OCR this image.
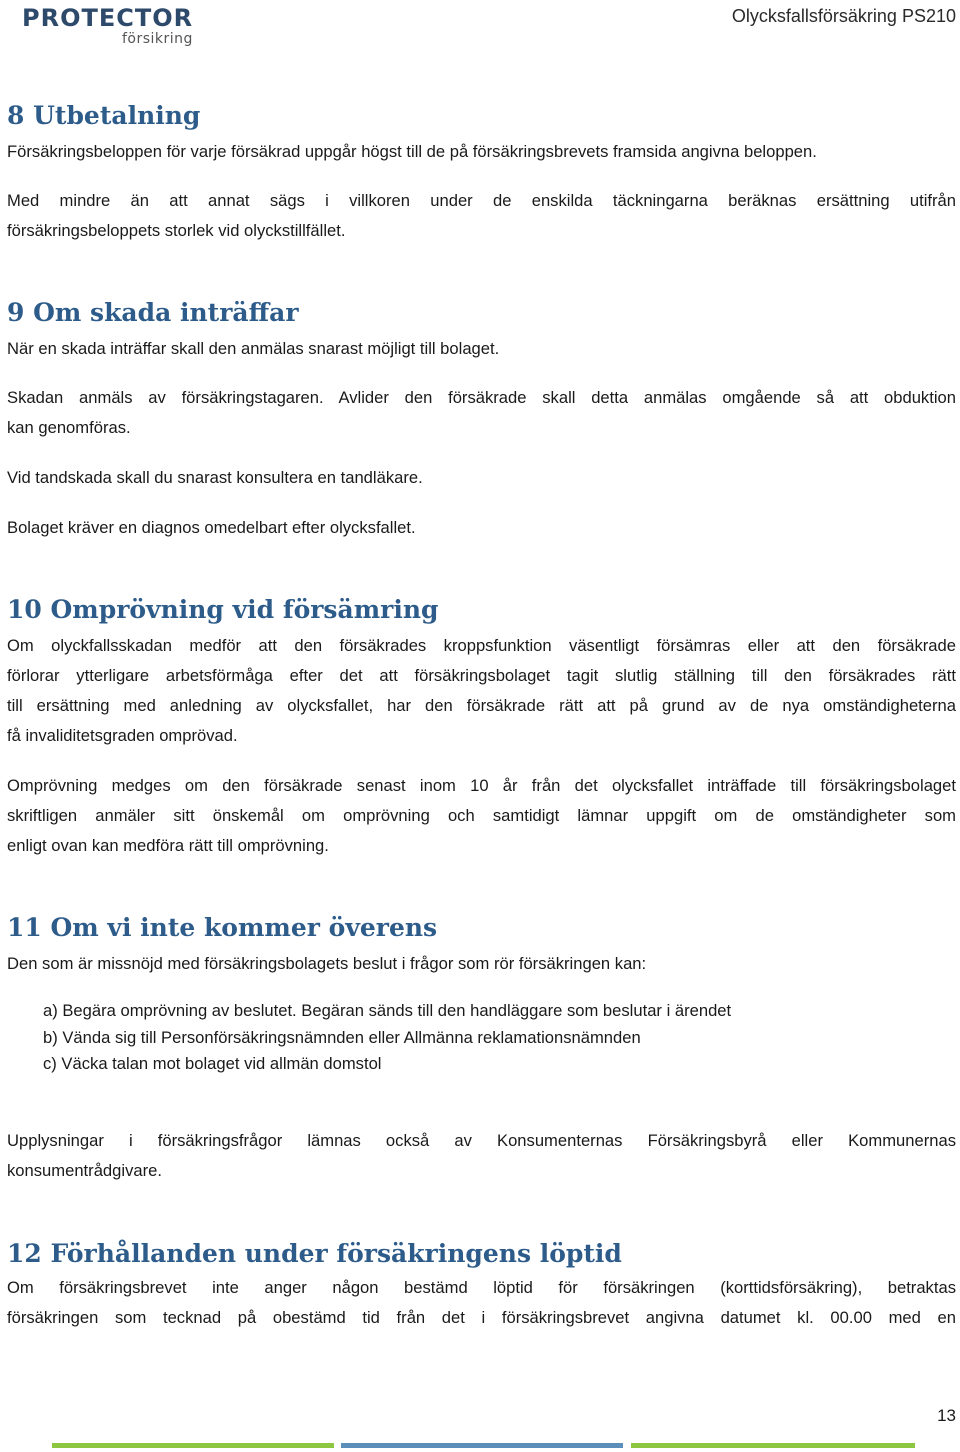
PROTECTOR
försikring
Olycksfallsförsäkring PS210
8 Utbetalning

Försäkringsbeloppen för varje försäkrad uppgår högst till de på försäkringsbrevets framsida angivna beloppen.

Med mindre än att annat sägs i villkoren under de enskilda täckningarna beräknas ersättning utifrån

försäkringsbeloppets storlek vid olyckstillfället.

9 Om skada inträffar

När en skada inträffar skall den anmälas snarast möjligt till bolaget.

Skadan anmäls av försäkringstagaren. Avlider den försäkrade skall detta anmälas omgående så att obduktion

kan genomföras.

Vid tandskada skall du snarast konsultera en tandläkare.

Bolaget kräver en diagnos omedelbart efter olycksfallet.

10 Omprövning vid försämring

Om olyckfallsskadan medför att den försäkrades kroppsfunktion väsentligt försämras eller att den försäkrade

förlorar ytterligare arbetsförmåga efter det att försäkringsbolaget tagit slutlig ställning till den försäkrades rätt

till ersättning med anledning av olycksfallet, har den försäkrade rätt att på grund av de nya omständigheterna

få invaliditetsgraden omprövad.

Omprövning medges om den försäkrade senast inom 10 år från det olycksfallet inträffade till försäkringsbolaget

skriftligen anmäler sitt önskemål om omprövning och samtidigt lämnar uppgift om de omständigheter som

enligt ovan kan medföra rätt till omprövning.

11 Om vi inte kommer överens

Den som är missnöjd med försäkringsbolagets beslut i frågor som rör försäkringen kan:

a) Begära omprövning av beslutet. Begäran sänds till den handläggare som beslutar i ärendet
b) Vända sig till Personförsäkringsnämnden eller Allmänna reklamationsnämnden
c) Väcka talan mot bolaget vid allmän domstol

Upplysningar i försäkringsfrågor lämnas också av Konsumenternas Försäkringsbyrå eller Kommunernas

konsumentrådgivare.

12 Förhållanden under försäkringens löptid

Om försäkringsbrevet inte anger någon bestämd löptid för försäkringen (korttidsförsäkring), betraktas

försäkringen som tecknad på obestämd tid från det i försäkringsbrevet angivna datumet kl. 00.00 med en

13
